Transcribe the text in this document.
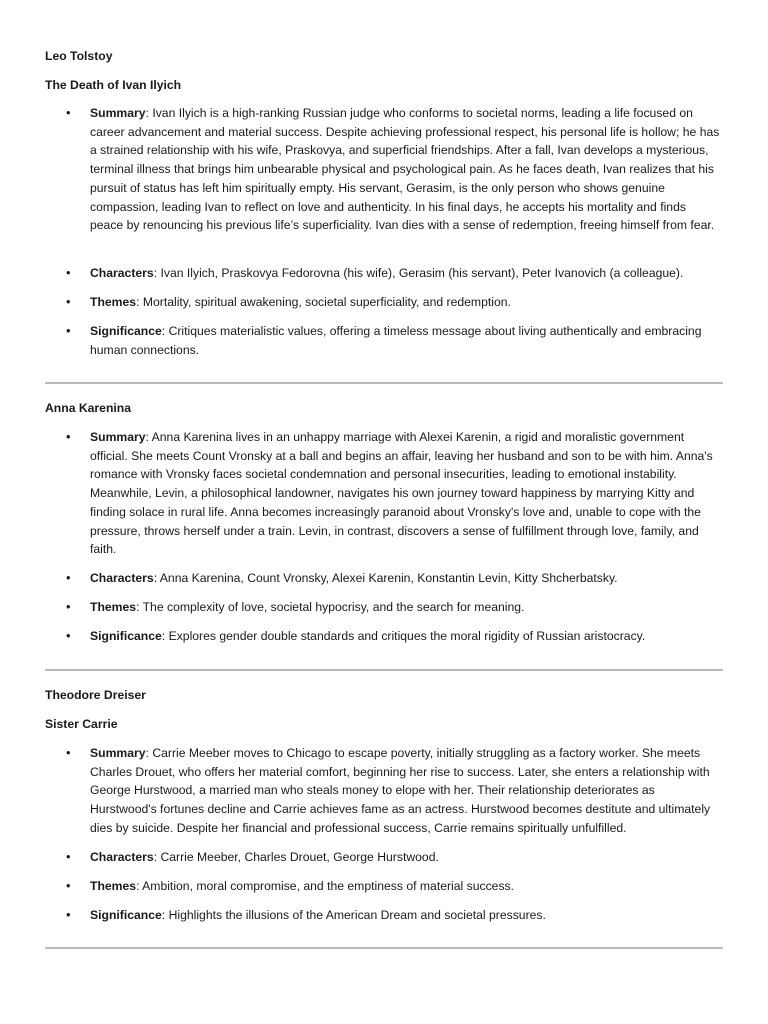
Leo Tolstoy
The Death of Ivan Ilyich
• Summary: Ivan Ilyich is a high-ranking Russian judge who conforms to societal norms, leading a life focused on career advancement and material success. Despite achieving professional respect, his personal life is hollow; he has a strained relationship with his wife, Praskovya, and superficial friendships. After a fall, Ivan develops a mysterious, terminal illness that brings him unbearable physical and psychological pain. As he faces death, Ivan realizes that his pursuit of status has left him spiritually empty. His servant, Gerasim, is the only person who shows genuine compassion, leading Ivan to reflect on love and authenticity. In his final days, he accepts his mortality and finds peace by renouncing his previous life’s superficiality. Ivan dies with a sense of redemption, freeing himself from fear.
• Characters: Ivan Ilyich, Praskovya Fedorovna (his wife), Gerasim (his servant), Peter Ivanovich (a colleague).
• Themes: Mortality, spiritual awakening, societal superficiality, and redemption.
• Significance: Critiques materialistic values, offering a timeless message about living authentically and embracing human connections.
Anna Karenina
• Summary: Anna Karenina lives in an unhappy marriage with Alexei Karenin, a rigid and moralistic government official. She meets Count Vronsky at a ball and begins an affair, leaving her husband and son to be with him. Anna's romance with Vronsky faces societal condemnation and personal insecurities, leading to emotional instability. Meanwhile, Levin, a philosophical landowner, navigates his own journey toward happiness by marrying Kitty and finding solace in rural life. Anna becomes increasingly paranoid about Vronsky's love and, unable to cope with the pressure, throws herself under a train. Levin, in contrast, discovers a sense of fulfillment through love, family, and faith.
• Characters: Anna Karenina, Count Vronsky, Alexei Karenin, Konstantin Levin, Kitty Shcherbatsky.
• Themes: The complexity of love, societal hypocrisy, and the search for meaning.
• Significance: Explores gender double standards and critiques the moral rigidity of Russian aristocracy.
Theodore Dreiser
Sister Carrie
• Summary: Carrie Meeber moves to Chicago to escape poverty, initially struggling as a factory worker. She meets Charles Drouet, who offers her material comfort, beginning her rise to success. Later, she enters a relationship with George Hurstwood, a married man who steals money to elope with her. Their relationship deteriorates as Hurstwood's fortunes decline and Carrie achieves fame as an actress. Hurstwood becomes destitute and ultimately dies by suicide. Despite her financial and professional success, Carrie remains spiritually unfulfilled.
• Characters: Carrie Meeber, Charles Drouet, George Hurstwood.
• Themes: Ambition, moral compromise, and the emptiness of material success.
• Significance: Highlights the illusions of the American Dream and societal pressures.
